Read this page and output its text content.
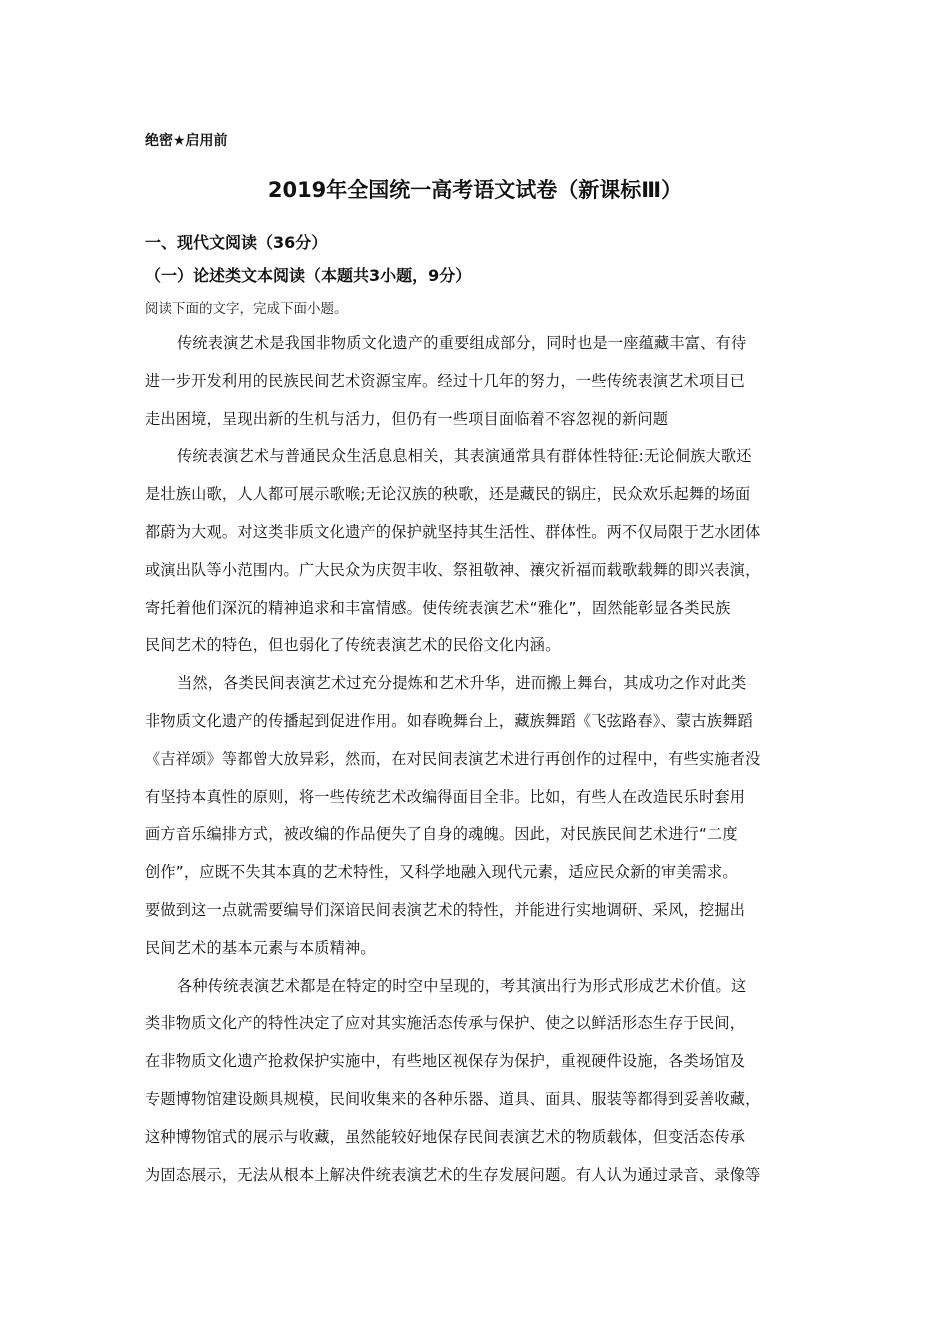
绝密★启用前
2019年全国统一高考语文试卷（新课标Ⅲ）
一、现代文阅读（36分）
（一）论述类文本阅读（本题共3小题，9分）
阅读下面的文字，完成下面小题。
传统表演艺术是我国非物质文化遗产的重要组成部分，同时也是一座蕴藏丰富、有待
进一步开发利用的民族民间艺术资源宝库。经过十几年的努力，一些传统表演艺术项目已
走出困境，呈现出新的生机与活力，但仍有一些项目面临着不容忽视的新问题
传统表演艺术与普通民众生活息息相关，其表演通常具有群体性特征:无论侗族大歌还
是壮族山歌，人人都可展示歌喉;无论汉族的秧歌，还是藏民的锅庄，民众欢乐起舞的场面
都蔚为大观。对这类非质文化遗产的保护就坚持其生活性、群体性。两不仅局限于艺水团体
或演出队等小范围内。广大民众为庆贺丰收、祭祖敬神、禳灾祈福而载歌载舞的即兴表演，
寄托着他们深沉的精神追求和丰富情感。使传统表演艺术“雅化”，固然能彰显各类民族
民间艺术的特色，但也弱化了传统表演艺术的民俗文化内涵。
当然，各类民间表演艺术过充分提炼和艺术升华，进而搬上舞台，其成功之作对此类
非物质文化遗产的传播起到促进作用。如春晚舞台上，藏族舞蹈《飞弦路春》、蒙古族舞蹈
《吉祥颂》等都曾大放异彩，然而，在对民间表演艺术进行再创作的过程中，有些实施者没
有坚持本真性的原则，将一些传统艺术改编得面目全非。比如，有些人在改造民乐时套用
画方音乐编排方式，被改编的作品便失了自身的魂魄。因此，对民族民间艺术进行“二度
创作”，应既不失其本真的艺术特性，又科学地融入现代元素，适应民众新的审美需求。
要做到这一点就需要编导们深谙民间表演艺术的特性，并能进行实地调研、采风，挖掘出
民间艺术的基本元素与本质精神。
各种传统表演艺术都是在特定的时空中呈现的，考其演出行为形式形成艺术价值。这
类非物质文化产的特性决定了应对其实施活态传承与保护、使之以鲜活形态生存于民间，
在非物质文化遗产抢救保护实施中，有些地区视保存为保护，重视硬件设施，各类场馆及
专题博物馆建设颇具规模，民间收集来的各种乐器、道具、面具、服装等都得到妥善收藏，
这种博物馆式的展示与收藏，虽然能较好地保存民间表演艺术的物质载体，但变活态传承
为固态展示，无法从根本上解决件统表演艺术的生存发展问题。有人认为通过录音、录像等
